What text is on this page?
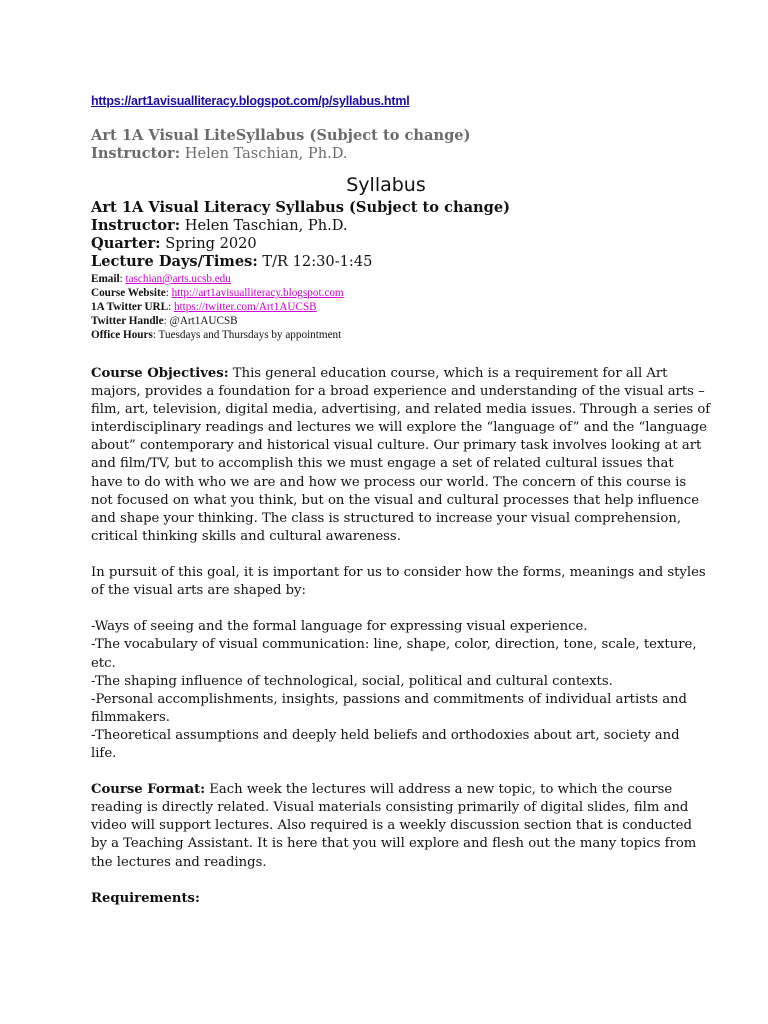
https://art1avisualliteracy.blogspot.com/p/syllabus.html
Art 1A Visual LiteSyllabus (Subject to change)
Instructor: Helen Taschian, Ph.D.
Syllabus
Art 1A Visual Literacy Syllabus (Subject to change)
Instructor: Helen Taschian, Ph.D.
Quarter: Spring 2020
Lecture Days/Times: T/R 12:30-1:45
Email: taschian@arts.ucsb.edu
Course Website: http://art1avisualliteracy.blogspot.com
1A Twitter URL: https://twitter.com/Art1AUCSB
Twitter Handle: @Art1AUCSB
Office Hours: Tuesdays and Thursdays by appointment

Course Objectives: This general education course, which is a requirement for all Art
majors, provides a foundation for a broad experience and understanding of the visual arts –
film, art, television, digital media, advertising, and related media issues. Through a series of
interdisciplinary readings and lectures we will explore the “language of” and the “language
about” contemporary and historical visual culture. Our primary task involves looking at art
and film/TV, but to accomplish this we must engage a set of related cultural issues that
have to do with who we are and how we process our world. The concern of this course is
not focused on what you think, but on the visual and cultural processes that help influence
and shape your thinking. The class is structured to increase your visual comprehension,
critical thinking skills and cultural awareness.

In pursuit of this goal, it is important for us to consider how the forms, meanings and styles
of the visual arts are shaped by:

-Ways of seeing and the formal language for expressing visual experience.
-The vocabulary of visual communication: line, shape, color, direction, tone, scale, texture,
etc.
-The shaping influence of technological, social, political and cultural contexts.
-Personal accomplishments, insights, passions and commitments of individual artists and
filmmakers.
-Theoretical assumptions and deeply held beliefs and orthodoxies about art, society and
life.

Course Format: Each week the lectures will address a new topic, to which the course
reading is directly related. Visual materials consisting primarily of digital slides, film and
video will support lectures. Also required is a weekly discussion section that is conducted
by a Teaching Assistant. It is here that you will explore and flesh out the many topics from
the lectures and readings.

Requirements:
